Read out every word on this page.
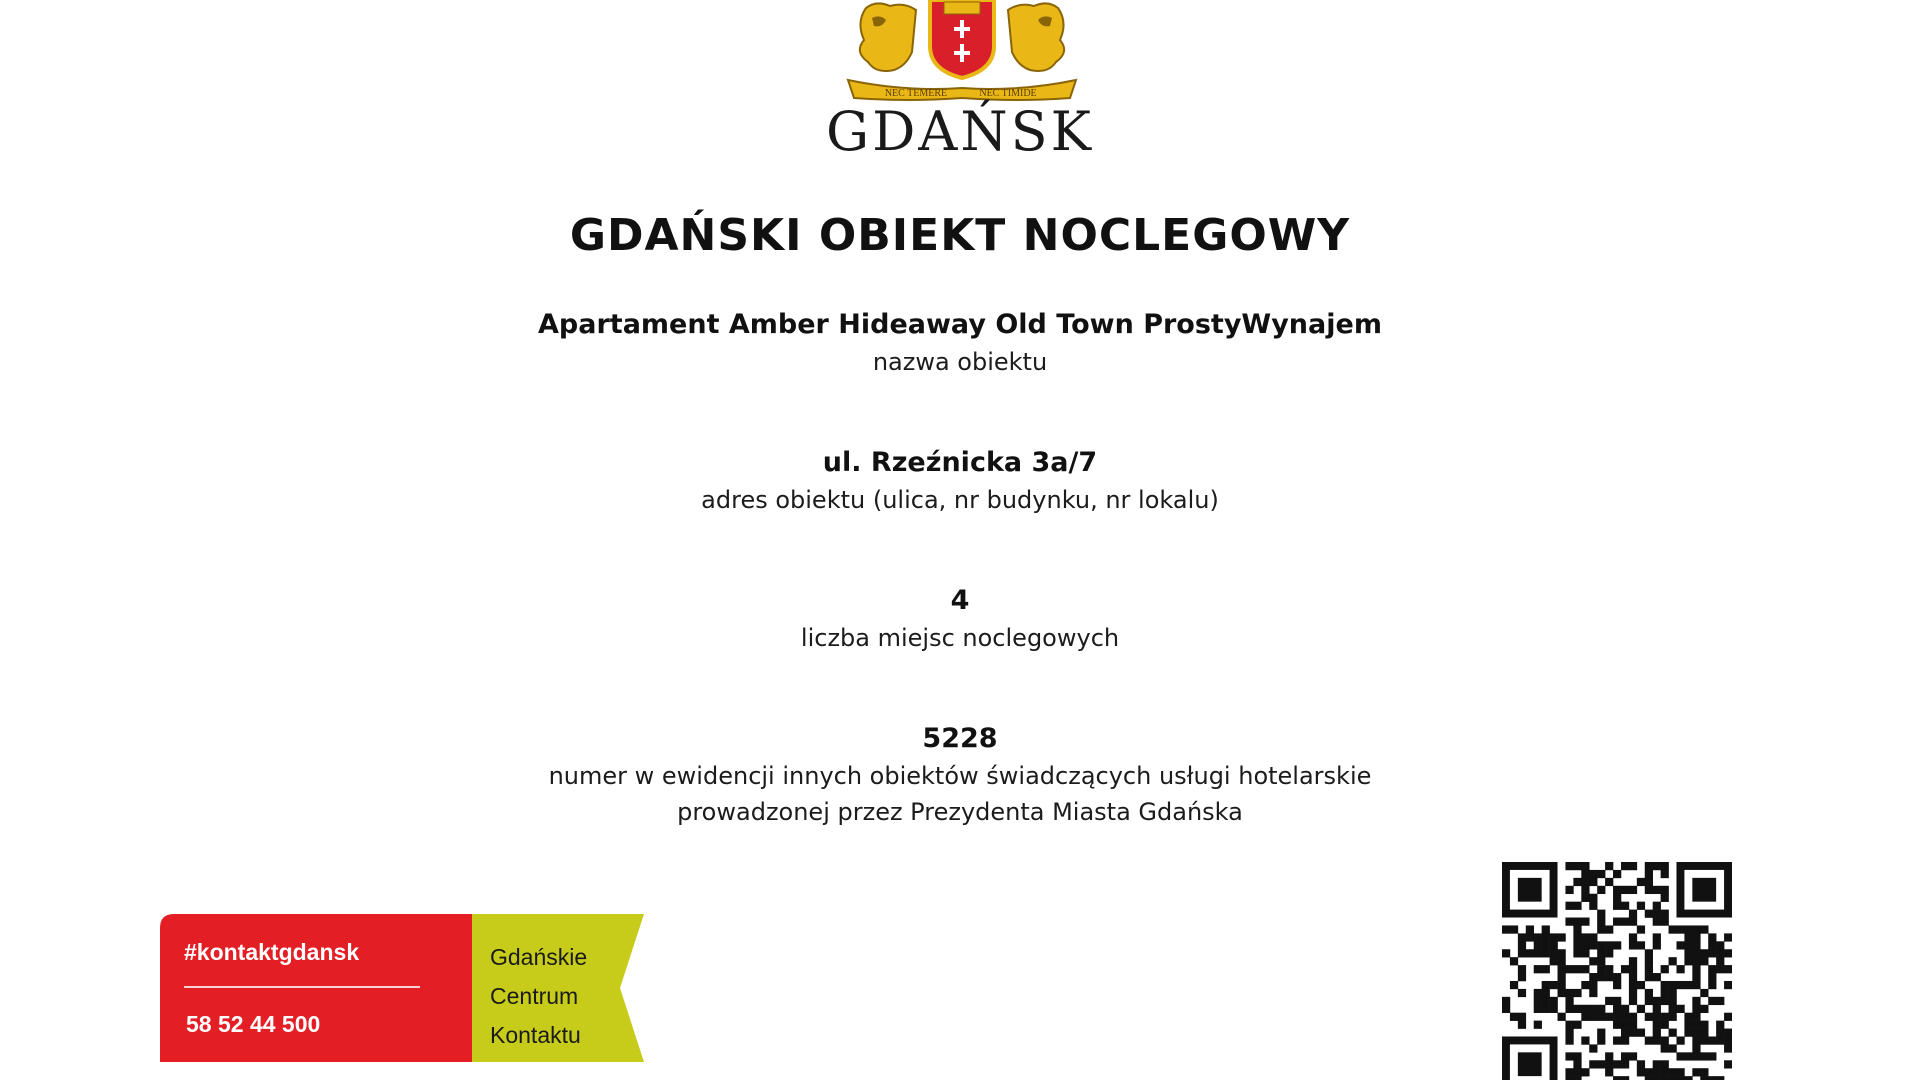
NEC TEMERE	NEC TIMIDE
GDAŃSK
GDAŃSKI OBIEKT NOCLEGOWY
Apartament Amber Hideaway Old Town ProstyWynajem
nazwa obiektu
ul. Rzeźnicka 3a/7
adres obiektu (ulica, nr budynku, nr lokalu)
4
liczba miejsc noclegowych
5228
numer w ewidencji innych obiektów świadczących usługi hotelarskie
prowadzonej przez Prezydenta Miasta Gdańska
#kontaktgdansk
58 52 44 500
Gdańskie
Centrum
Kontaktu
